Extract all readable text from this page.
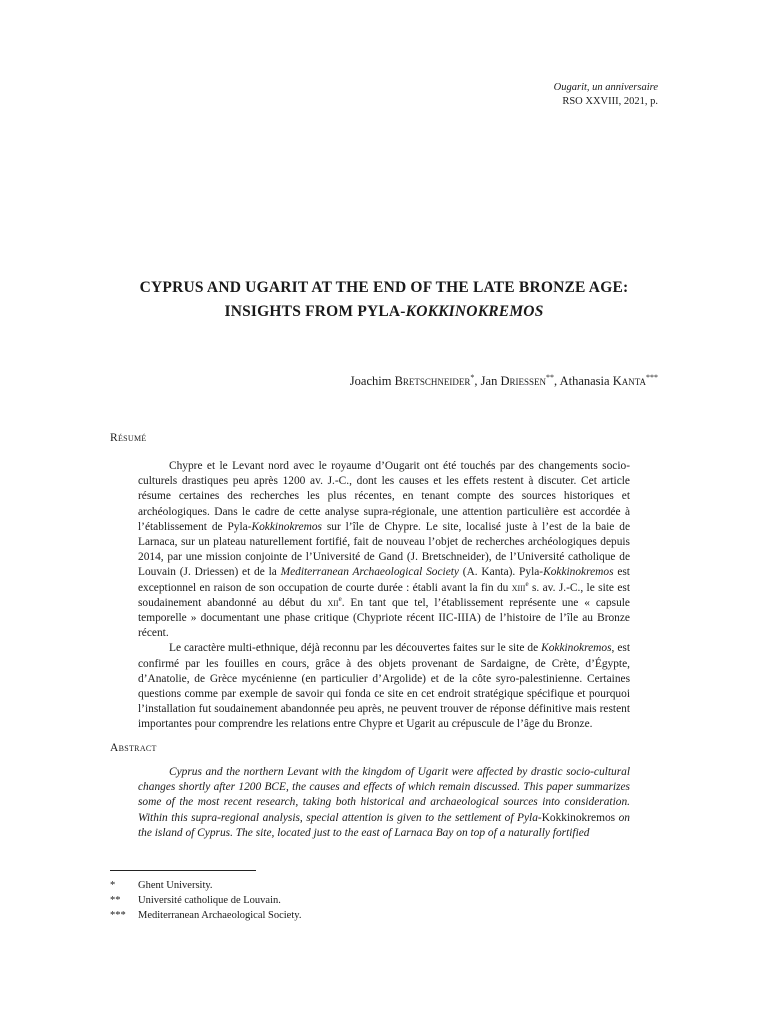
Ougarit, un anniversaire
RSO XXVIII, 2021, p.
CYPRUS AND UGARIT AT THE END OF THE LATE BRONZE AGE:
INSIGHTS FROM PYLA-KOKKINOKREMOS
Joachim Bretschneider*, Jan Driessen**, Athanasia Kanta***
Résumé

Chypre et le Levant nord avec le royaume d’Ougarit ont été touchés par des changements socio-culturels drastiques peu après 1200 av. J.-C., dont les causes et les effets restent à discuter. Cet article résume certaines des recherches les plus récentes, en tenant compte des sources historiques et archéologiques. Dans le cadre de cette analyse supra-régionale, une attention particulière est accordée à l’établissement de Pyla-Kokkinokremos sur l’île de Chypre. Le site, localisé juste à l’est de la baie de Larnaca, sur un plateau naturellement fortifié, fait de nouveau l’objet de recherches archéologiques depuis 2014, par une mission conjointe de l’Université de Gand (J. Bretschneider), de l’Université catholique de Louvain (J. Driessen) et de la Mediterranean Archaeological Society (A. Kanta). Pyla-Kokkinokremos est exceptionnel en raison de son occupation de courte durée : établi avant la fin du xiii$^e$ s. av. J.-C., le site est soudainement abandonné au début du xii$^e$. En tant que tel, l’établissement représente une « capsule temporelle » documentant une phase critique (Chypriote récent IIC-IIIA) de l’histoire de l’île au Bronze récent.

Le caractère multi-ethnique, déjà reconnu par les découvertes faites sur le site de Kokkinokremos, est confirmé par les fouilles en cours, grâce à des objets provenant de Sardaigne, de Crète, d’Égypte, d’Anatolie, de Grèce mycénienne (en particulier d’Argolide) et de la côte syro-palestinienne. Certaines questions comme par exemple de savoir qui fonda ce site en cet endroit stratégique spécifique et pourquoi l’installation fut soudainement abandonnée peu après, ne peuvent trouver de réponse définitive mais restent importantes pour comprendre les relations entre Chypre et Ugarit au crépuscule de l’âge du Bronze.

Abstract

Cyprus and the northern Levant with the kingdom of Ugarit were affected by drastic socio-cultural changes shortly after 1200 BCE, the causes and effects of which remain discussed. This paper summarizes some of the most recent research, taking both historical and archaeological sources into consideration. Within this supra-regional analysis, special attention is given to the settlement of Pyla-Kokkinokremos on the island of Cyprus. The site, located just to the east of Larnaca Bay on top of a naturally fortified

* Ghent University.
** Université catholique de Louvain.
*** Mediterranean Archaeological Society.
